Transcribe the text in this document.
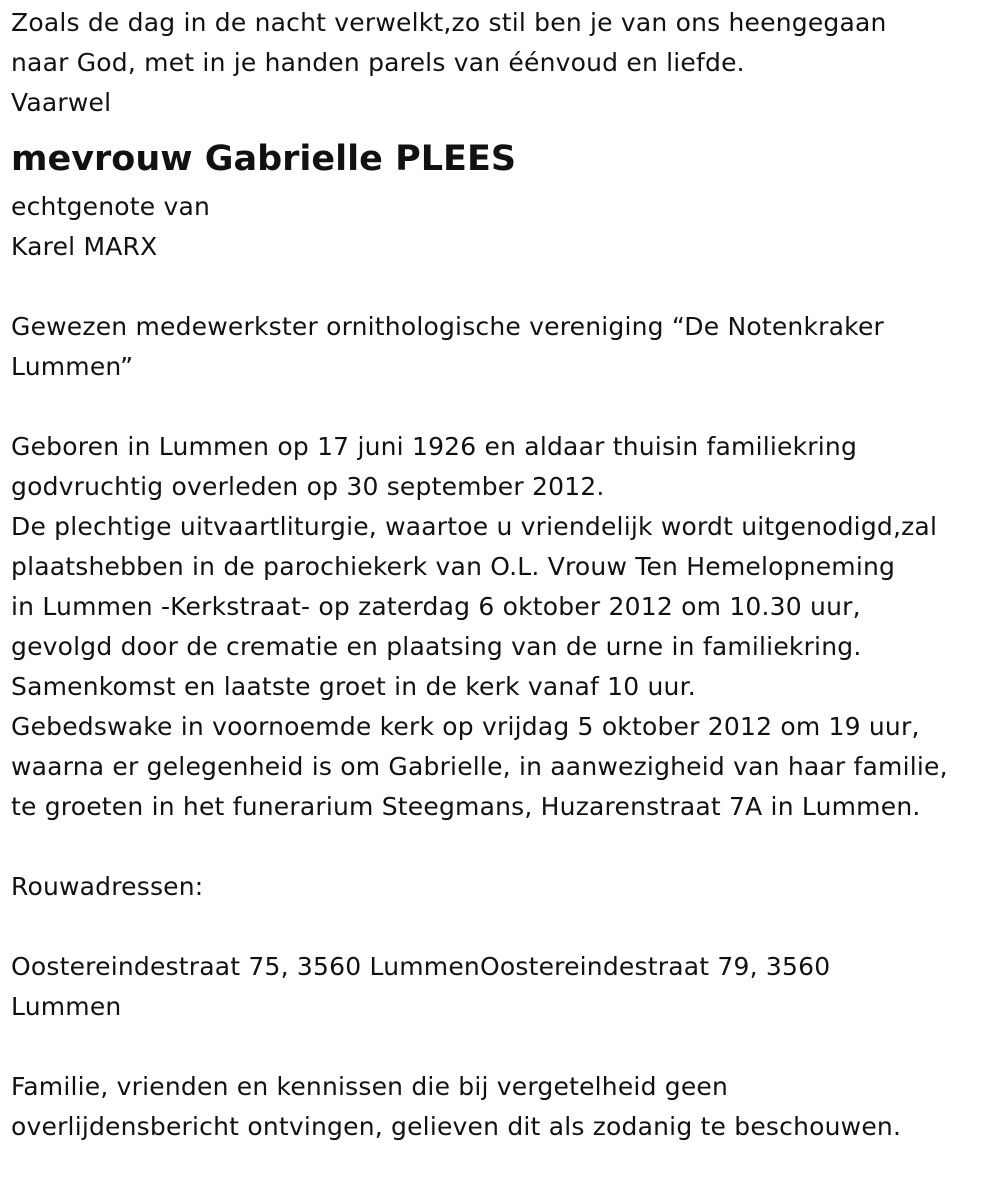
Zoals de dag in de nacht verwelkt,zo stil ben je van ons heengegaan
naar God, met in je handen parels van éénvoud en liefde.
Vaarwel
mevrouw Gabrielle PLEES
echtgenote van
Karel MARX
Gewezen medewerkster ornithologische vereniging “De Notenkraker
Lummen”
Geboren in Lummen op 17 juni 1926 en aldaar thuisin familiekring
godvruchtig overleden op 30 september 2012.
De plechtige uitvaartliturgie, waartoe u vriendelijk wordt uitgenodigd,zal
plaatshebben in de parochiekerk van O.L. Vrouw Ten Hemelopneming
in Lummen -Kerkstraat- op zaterdag 6 oktober 2012 om 10.30 uur,
gevolgd door de crematie en plaatsing van de urne in familiekring.
Samenkomst en laatste groet in de kerk vanaf 10 uur.
Gebedswake in voornoemde kerk op vrijdag 5 oktober 2012 om 19 uur,
waarna er gelegenheid is om Gabrielle, in aanwezigheid van haar familie,
te groeten in het funerarium Steegmans, Huzarenstraat 7A in Lummen.
Rouwadressen:
Oostereindestraat 75, 3560 LummenOostereindestraat 79, 3560
Lummen
Familie, vrienden en kennissen die bij vergetelheid geen
overlijdensbericht ontvingen, gelieven dit als zodanig te beschouwen.
